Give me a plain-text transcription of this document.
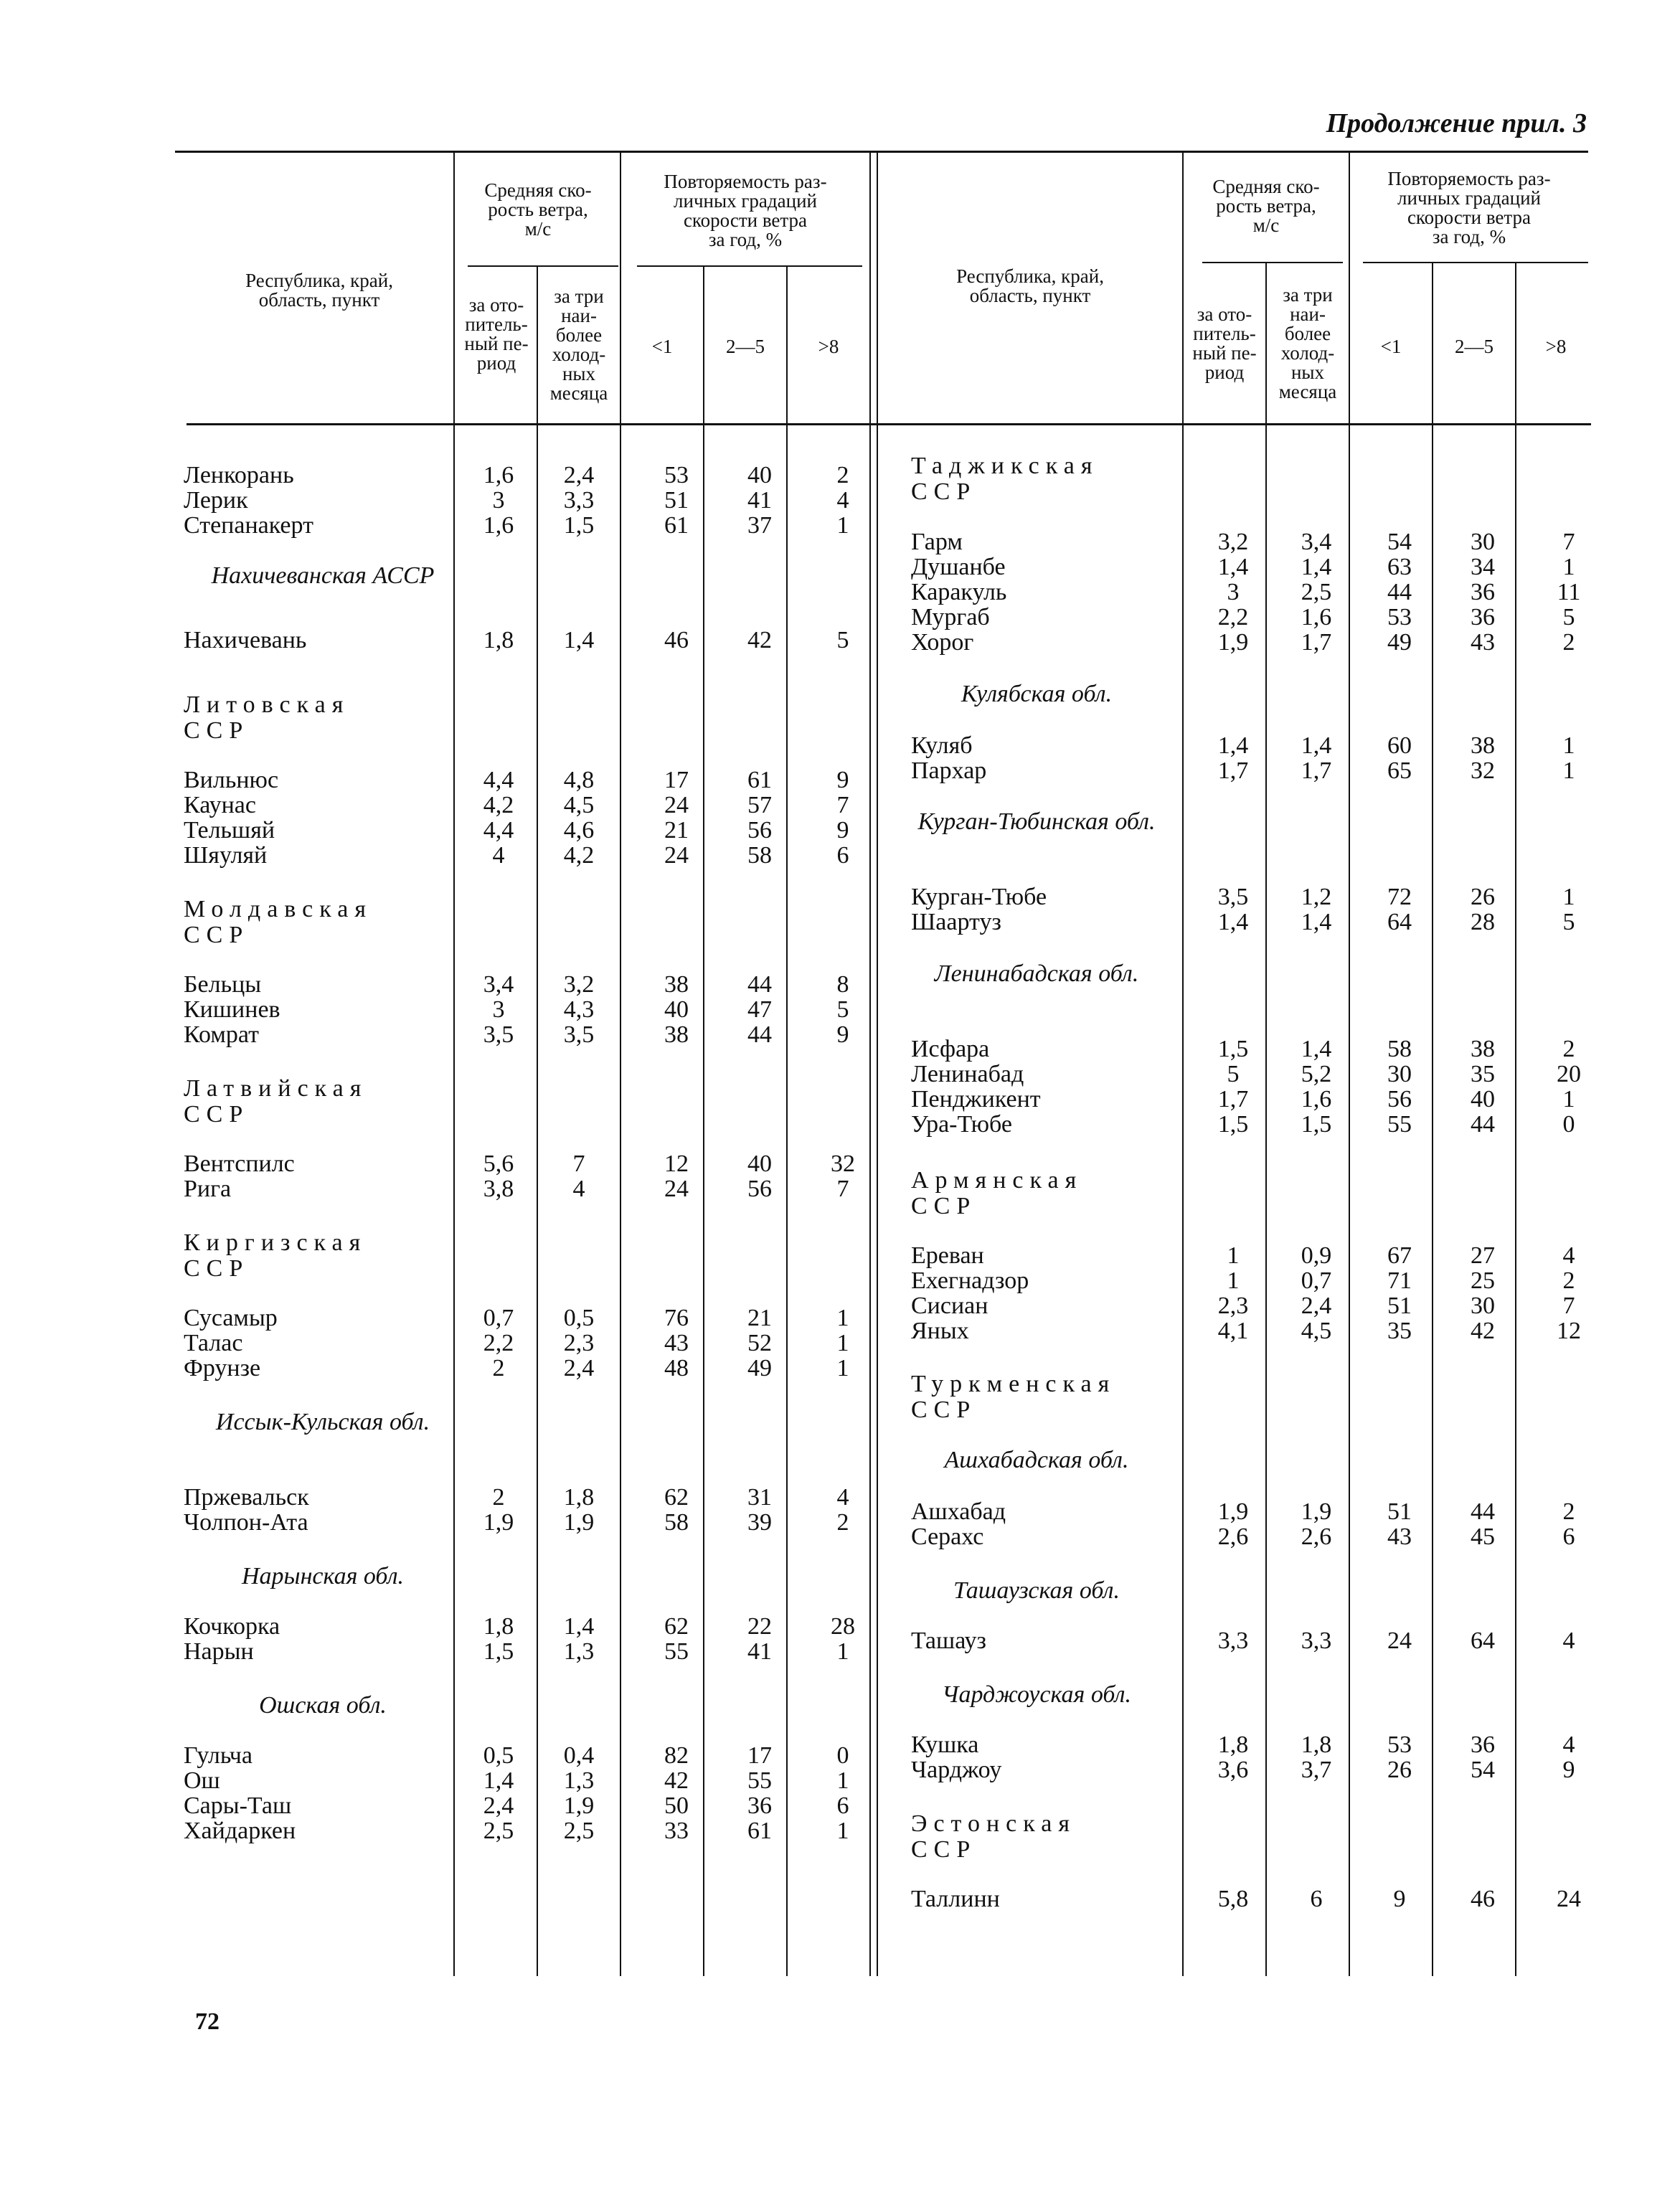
Продолжение прил. 3
Республика, край,
область, пункт
Средняя ско-
рость ветра,
м/с
за ото-
питель-
ный пе-
риод
за три
наи-
более
холод-
ных
месяца
Повторяемость раз-
личных градаций
скорости ветра
за год, %
<1	2—5	>8
Республика, край,
область, пункт
Средняя ско-
рость ветра,
м/с
за ото-
питель-
ный пе-
риод
за три
наи-
более
холод-
ных
месяца
Повторяемость раз-
личных градаций
скорости ветра
за год, %
<1	2—5	>8
Ленкорань	1,6	2,4	53	40	2
Лерик	3	3,3	51	41	4
Степанакерт	1,6	1,5	61	37	1
Нахичеванская АССР
Нахичевань	1,8	1,4	46	42	5
Литовская
ССР
Вильнюс	4,4	4,8	17	61	9
Каунас	4,2	4,5	24	57	7
Тельшяй	4,4	4,6	21	56	9
Шяуляй	4	4,2	24	58	6
Молдавская
ССР
Бельцы	3,4	3,2	38	44	8
Кишинев	3	4,3	40	47	5
Комрат	3,5	3,5	38	44	9
Латвийская
ССР
Вентспилс	5,6	7	12	40	32
Рига	3,8	4	24	56	7
Киргизская
ССР
Сусамыр	0,7	0,5	76	21	1
Талас	2,2	2,3	43	52	1
Фрунзе	2	2,4	48	49	1
Иссык-Кульская обл.
Пржевальск	2	1,8	62	31	4
Чолпон-Ата	1,9	1,9	58	39	2
Нарынская обл.
Кочкорка	1,8	1,4	62	22	28
Нарын	1,5	1,3	55	41	1
Ошская обл.
Гульча	0,5	0,4	82	17	0
Ош	1,4	1,3	42	55	1
Сары-Таш	2,4	1,9	50	36	6
Хайдаркен	2,5	2,5	33	61	1
Таджикская
ССР
Гарм	3,2	3,4	54	30	7
Душанбе	1,4	1,4	63	34	1
Каракуль	3	2,5	44	36	11
Мургаб	2,2	1,6	53	36	5
Хорог	1,9	1,7	49	43	2
Кулябская обл.
Куляб	1,4	1,4	60	38	1
Пархар	1,7	1,7	65	32	1
Курган-Тюбинская обл.
Курган-Тюбе	3,5	1,2	72	26	1
Шаартуз	1,4	1,4	64	28	5
Ленинабадская обл.
Исфара	1,5	1,4	58	38	2
Ленинабад	5	5,2	30	35	20
Пенджикент	1,7	1,6	56	40	1
Ура-Тюбе	1,5	1,5	55	44	0
Армянская
ССР
Ереван	1	0,9	67	27	4
Ехегнадзор	1	0,7	71	25	2
Сисиан	2,3	2,4	51	30	7
Яных	4,1	4,5	35	42	12
Туркменская
ССР
Ашхабадская обл.
Ашхабад	1,9	1,9	51	44	2
Серахс	2,6	2,6	43	45	6
Ташаузская обл.
Ташауз	3,3	3,3	24	64	4
Чарджоуская обл.
Кушка	1,8	1,8	53	36	4
Чарджоу	3,6	3,7	26	54	9
Эстонская
ССР
Таллинн	5,8	6	9	46	24
72
